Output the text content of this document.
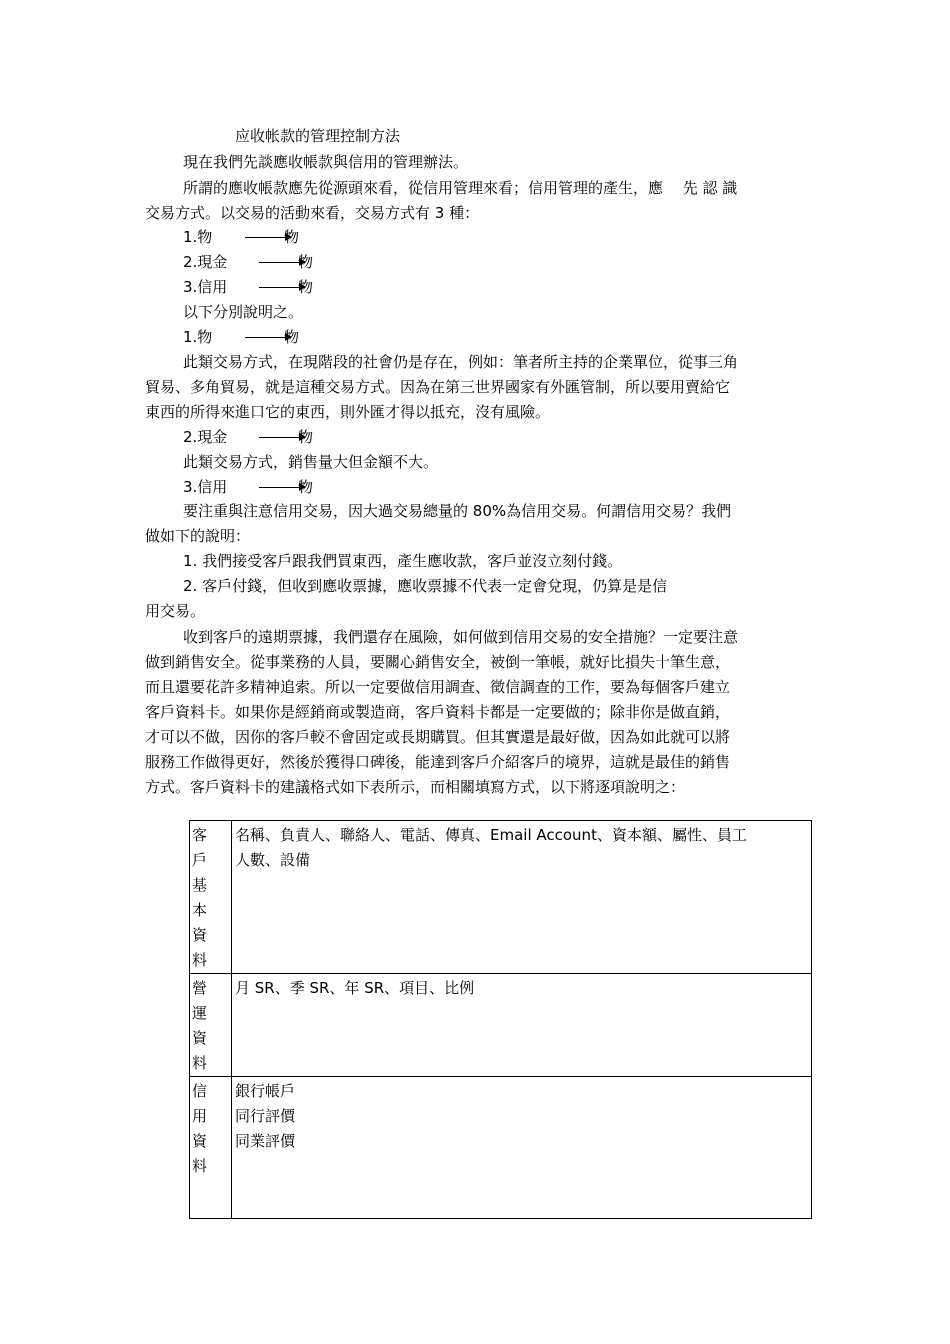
应收帐款的管理控制方法
現在我們先談應收帳款與信用的管理辦法。
所謂的應收帳款應先從源頭來看，從信用管理來看；信用管理的產生，應　 先 認 識
交易方式。以交易的活動來看，交易方式有 3 種：
1.物	物
2.現金	物
3.信用	物
以下分別說明之。
1.物	物
此類交易方式，在現階段的社會仍是存在，例如：筆者所主持的企業單位，從事三角
貿易、多角貿易，就是這種交易方式。因為在第三世界國家有外匯管制，所以要用賣給它
東西的所得來進口它的東西，則外匯才得以抵充，沒有風險。
2.現金	物
此類交易方式，銷售量大但金額不大。
3.信用	物
要注重與注意信用交易，因大過交易總量的 80%為信用交易。何謂信用交易？我們
做如下的說明：
1. 我們接受客戶跟我們買東西，產生應收款，客戶並沒立刻付錢。
2. 客戶付錢，但收到應收票據，應收票據不代表一定會兌現，仍算是是信
用交易。
收到客戶的遠期票據，我們還存在風險，如何做到信用交易的安全措施？一定要注意
做到銷售安全。從事業務的人員，要關心銷售安全，被倒一筆帳，就好比損失十筆生意，
而且還要花許多精神追索。所以一定要做信用調查、徵信調查的工作，要為每個客戶建立
客戶資料卡。如果你是經銷商或製造商，客戶資料卡都是一定要做的；除非你是做直銷，
才可以不做，因你的客戶較不會固定或長期購買。但其實還是最好做，因為如此就可以將
服務工作做得更好，然後於獲得口碑後，能達到客戶介紹客戶的境界，這就是最佳的銷售
方式。客戶資料卡的建議格式如下表所示，而相關填寫方式，以下將逐項說明之：
客戶基本資料	名稱、負責人、聯絡人、電話、傳真、Email Account、資本額、屬性、員工
人數、設備

營運資料	月 SR、季 SR、年 SR、項目、比例

信用資料	銀行帳戶
同行評價
同業評價
